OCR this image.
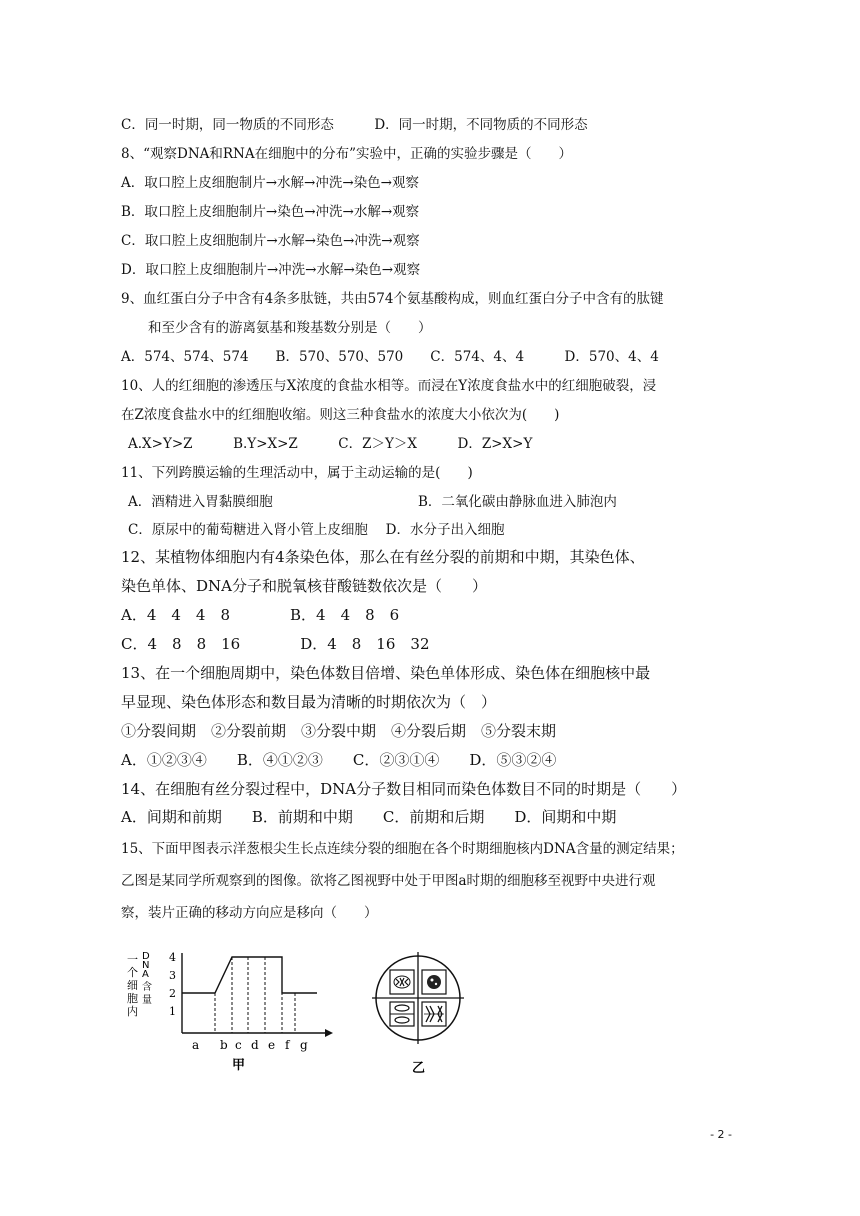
C．同一时期，同一物质的不同形态　　　D．同一时期，不同物质的不同形态
8、“观察DNA和RNA在细胞中的分布”实验中，正确的实验步骤是（　　）
A．取口腔上皮细胞制片→水解→冲洗→染色→观察
B．取口腔上皮细胞制片→染色→冲洗→水解→观察
C．取口腔上皮细胞制片→水解→染色→冲洗→观察
D．取口腔上皮细胞制片→冲洗→水解→染色→观察
9、血红蛋白分子中含有4条多肽链，共由574个氨基酸构成，则血红蛋白分子中含有的肽键
和至少含有的游离氨基和羧基数分别是（　　）
A．574、574、574　　B．570、570、570　　C．574、4、4　　　D．570、4、4
10、人的红细胞的渗透压与X浓度的食盐水相等。而浸在Y浓度食盐水中的红细胞破裂，浸
在Z浓度食盐水中的红细胞收缩。则这三种食盐水的浓度大小依次为(　　)
A.X>Y>Z　　　B.Y>X>Z　　　C．Z＞Y＞X　　　D．Z>X>Y
11、下列跨膜运输的生理活动中，属于主动运输的是(　　)
A．酒精进入胃黏膜细胞	B．二氧化碳由静脉血进入肺泡内
C．原尿中的葡萄糖进入肾小管上皮细胞　 D．水分子出入细胞
12、某植物体细胞内有4条染色体，那么在有丝分裂的前期和中期，其染色体、
染色单体、DNA分子和脱氧核苷酸链数依次是（　　）
A．4　4　4　8　　　　B．4　4　8　6
C．4　8　8　16　　　　D．4　8　16　32
13、在一个细胞周期中，染色体数目倍增、染色单体形成、染色体在细胞核中最
早显现、染色体形态和数目最为清晰的时期依次为（　）
①分裂间期　②分裂前期　③分裂中期　④分裂后期　⑤分裂末期
A．①②③④　　B．④①②③　　C．②③①④　　D．⑤③②④
14、在细胞有丝分裂过程中，DNA分子数目相同而染色体数目不同的时期是（　　）
A．间期和前期　　B．前期和中期　　C．前期和后期　　D．间期和中期
15、下面甲图表示洋葱根尖生长点连续分裂的细胞在各个时期细胞核内DNA含量的测定结果；
乙图是某同学所观察到的图像。欲将乙图视野中处于甲图a时期的细胞移至视野中央进行观
察，装片正确的移动方向应是移向（　　）
一个细胞内
D N A 含量
4
3
2
1
a b c d e f g
甲	乙
- 2 -
